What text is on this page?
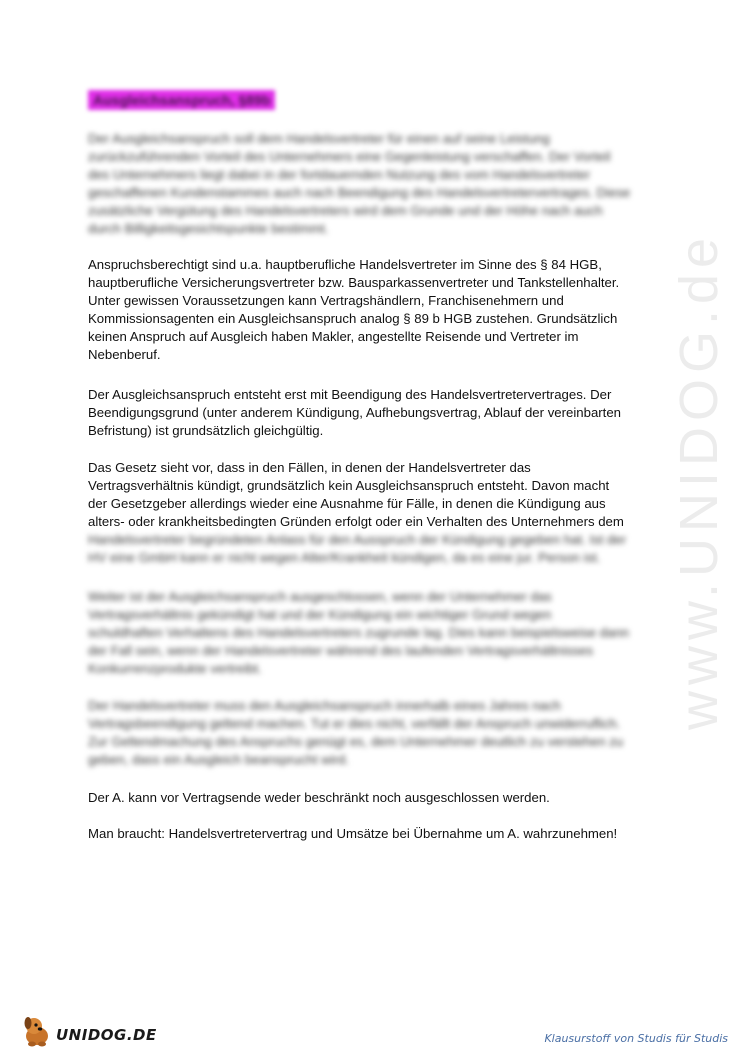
Ausgleichsanspruch, §89b
Der Ausgleichsanspruch soll dem Handelsvertreter für einen auf seine Leistung
zurückzuführenden Vorteil des Unternehmers eine Gegenleistung verschaffen. Der Vorteil
des Unternehmers liegt dabei in der fortdauernden Nutzung des vom Handelsvertreter
geschaffenen Kundenstammes auch nach Beendigung des Handelsvertretervertrages. Diese
zusätzliche Vergütung des Handelsvertreters wird dem Grunde und der Höhe nach auch
durch Billigkeitsgesichtspunkte bestimmt.
Anspruchsberechtigt sind u.a. hauptberufliche Handelsvertreter im Sinne des § 84 HGB,
hauptberufliche Versicherungsvertreter bzw. Bausparkassenvertreter und Tankstellenhalter.
Unter gewissen Voraussetzungen kann Vertragshändlern, Franchisenehmern und
Kommissionsagenten ein Ausgleichsanspruch analog § 89 b HGB zustehen. Grundsätzlich
keinen Anspruch auf Ausgleich haben Makler, angestellte Reisende und Vertreter im
Nebenberuf.
Der Ausgleichsanspruch entsteht erst mit Beendigung des Handelsvertretervertrages. Der
Beendigungsgrund (unter anderem Kündigung, Aufhebungsvertrag, Ablauf der vereinbarten
Befristung) ist grundsätzlich gleichgültig.
Das Gesetz sieht vor, dass in den Fällen, in denen der Handelsvertreter das
Vertragsverhältnis kündigt, grundsätzlich kein Ausgleichsanspruch entsteht. Davon macht
der Gesetzgeber allerdings wieder eine Ausnahme für Fälle, in denen die Kündigung aus
alters- oder krankheitsbedingten Gründen erfolgt oder ein Verhalten des Unternehmers dem
Handelsvertreter begründeten Anlass für den Ausspruch der Kündigung gegeben hat. Ist der
HV eine GmbH kann er nicht wegen Alter/Krankheit kündigen, da es eine jur. Person ist.
Weiter ist der Ausgleichsanspruch ausgeschlossen, wenn der Unternehmer das
Vertragsverhältnis gekündigt hat und der Kündigung ein wichtiger Grund wegen
schuldhaften Verhaltens des Handelsvertreters zugrunde lag. Dies kann beispielsweise dann
der Fall sein, wenn der Handelsvertreter während des laufenden Vertragsverhältnisses
Konkurrenzprodukte vertreibt.
Der Handelsvertreter muss den Ausgleichsanspruch innerhalb eines Jahres nach
Vertragsbeendigung geltend machen. Tut er dies nicht, verfällt der Anspruch unwiderruflich.
Zur Geltendmachung des Anspruchs genügt es, dem Unternehmer deutlich zu verstehen zu
geben, dass ein Ausgleich beansprucht wird.
Der A. kann vor Vertragsende weder beschränkt noch ausgeschlossen werden.
Man braucht: Handelsvertretervertrag und Umsätze bei Übernahme um A. wahrzunehmen!
www.UNIDOG.de
UNIDOG.DE	Klausurstoff von Studis für Studis
